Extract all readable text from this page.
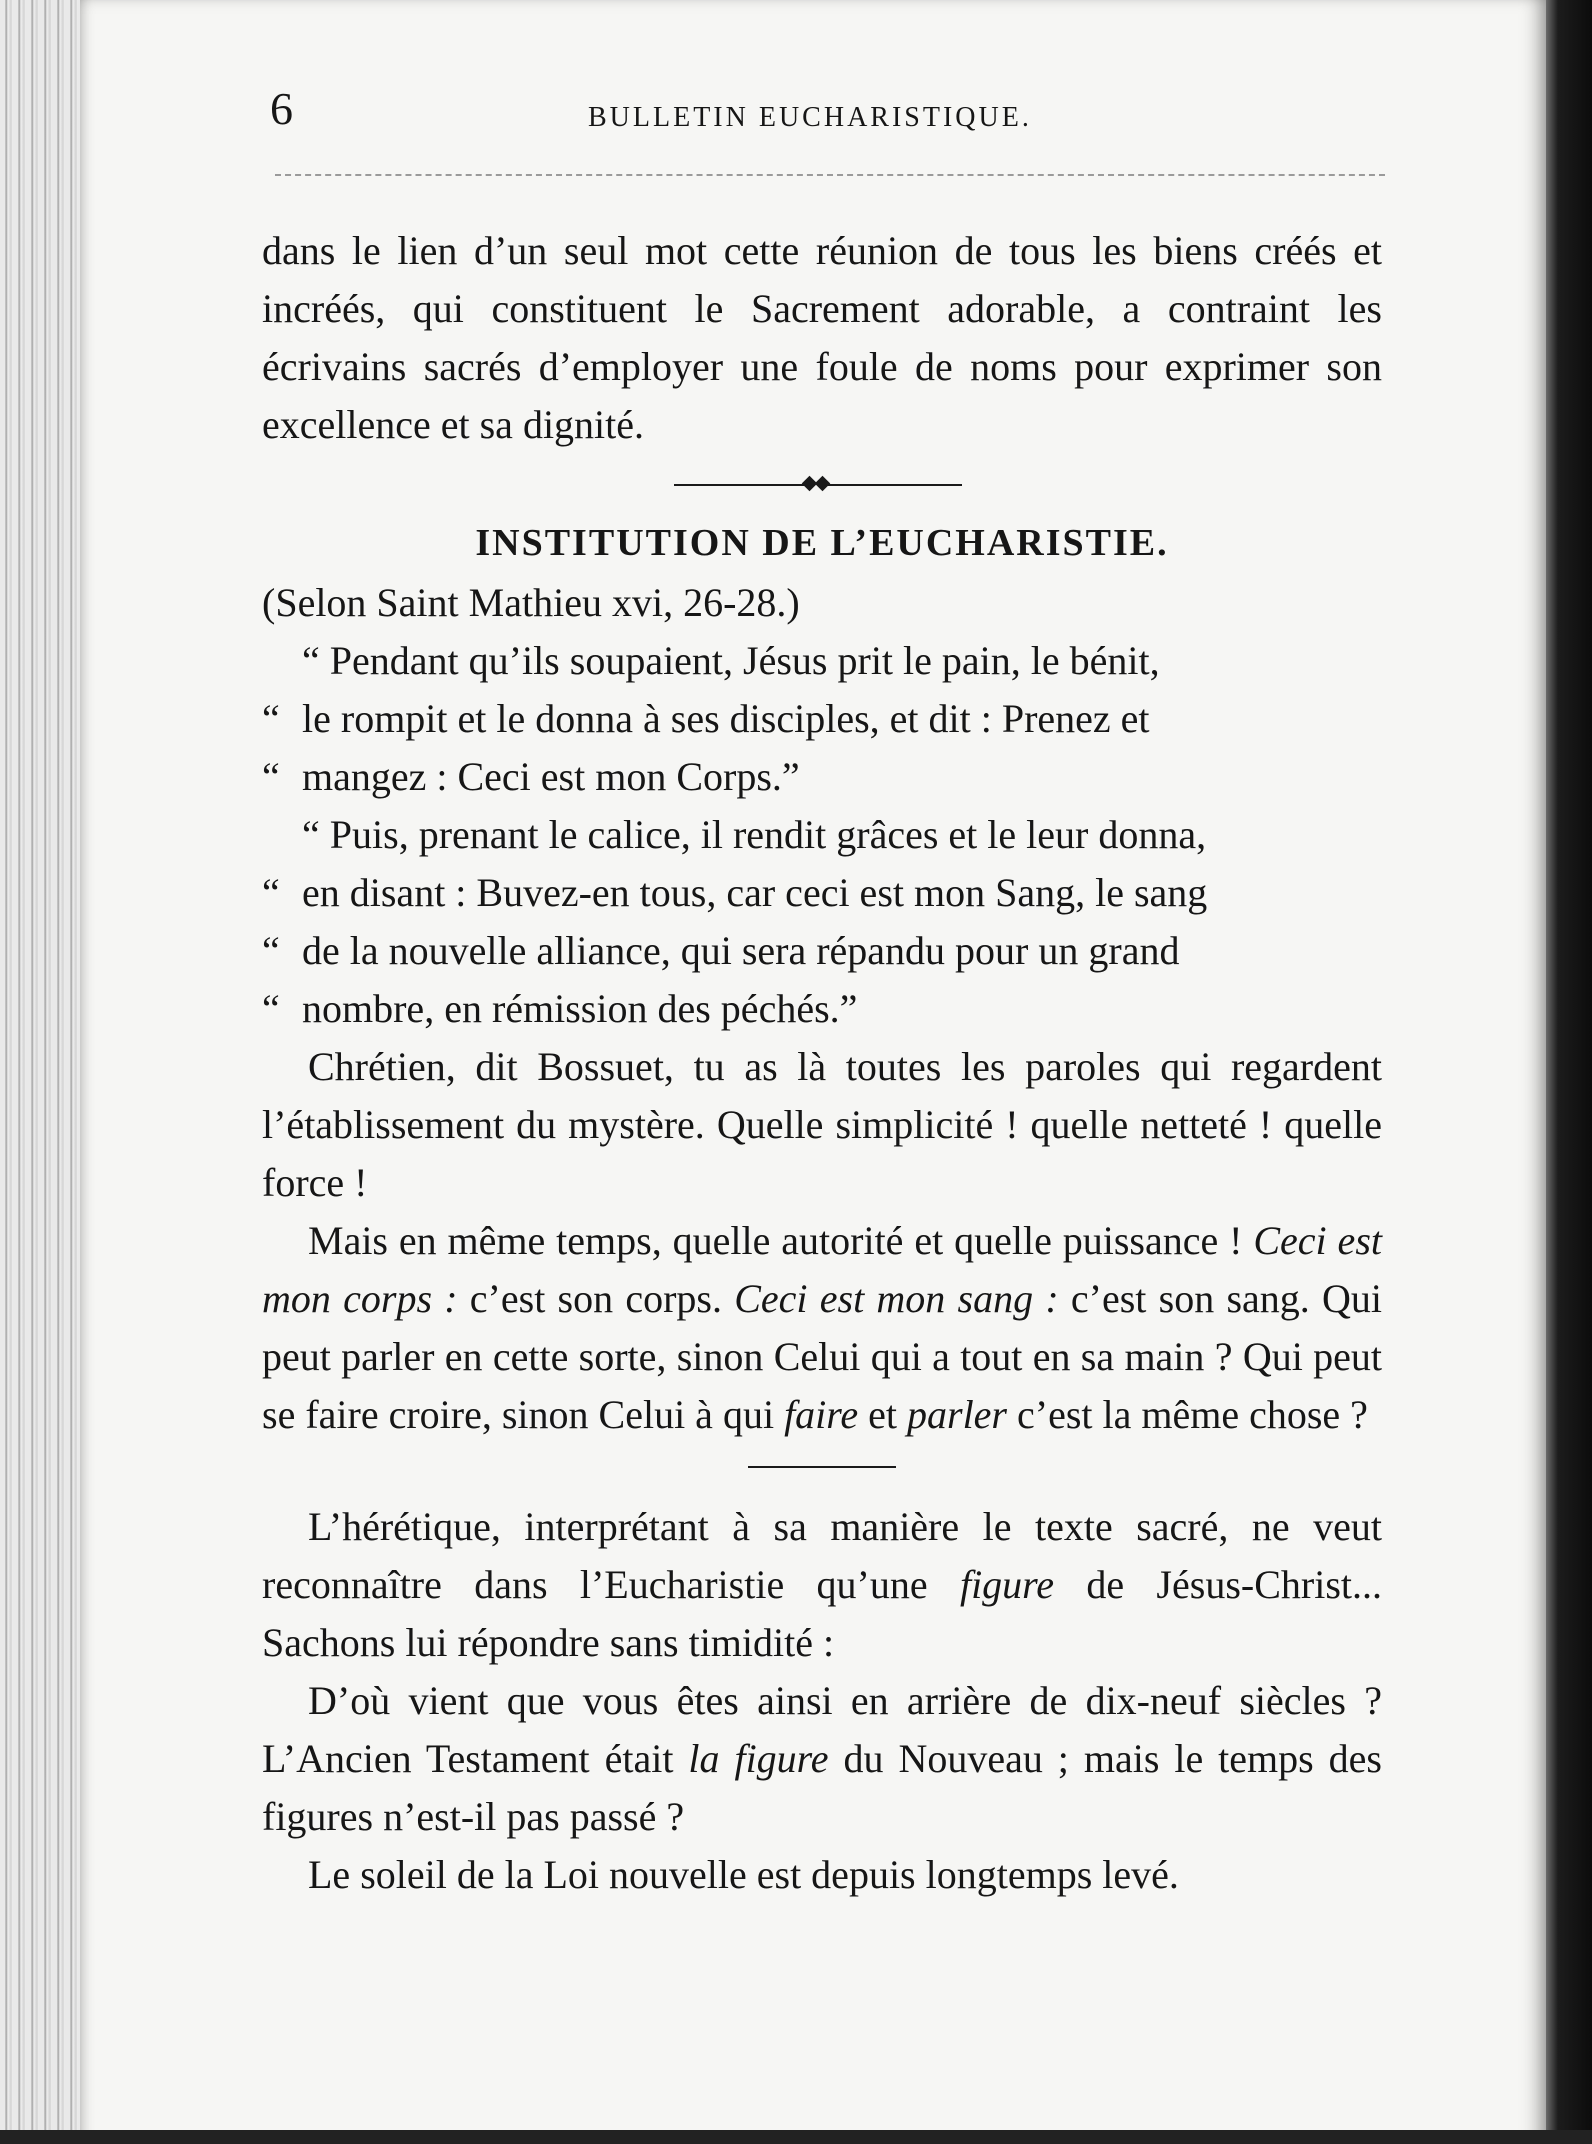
6	BULLETIN EUCHARISTIQUE.

dans le lien d’un seul mot cette réunion de tous les biens créés et incréés, qui constituent le Sacrement adorable, a contraint les écrivains sacrés d’employer une foule de noms pour exprimer son excellence et sa dignité.

INSTITUTION DE L’EUCHARISTIE.

(Selon Saint Mathieu xvi, 26-28.)

“ Pendant qu’ils soupaient, Jésus prit le pain, le bénit,

“ le rompit et le donna à ses disciples, et dit : Prenez et

“ mangez : Ceci est mon Corps.”

“ Puis, prenant le calice, il rendit grâces et le leur donna,

“ en disant : Buvez-en tous, car ceci est mon Sang, le sang

“ de la nouvelle alliance, qui sera répandu pour un grand

“ nombre, en rémission des péchés.”

Chrétien, dit Bossuet, tu as là toutes les paroles qui regardent l’établissement du mystère. Quelle simplicité ! quelle netteté ! quelle force !

Mais en même temps, quelle autorité et quelle puissance ! Ceci est mon corps : c’est son corps. Ceci est mon sang : c’est son sang. Qui peut parler en cette sorte, sinon Celui qui a tout en sa main ? Qui peut se faire croire, sinon Celui à qui faire et parler c’est la même chose ?

L’hérétique, interprétant à sa manière le texte sacré, ne veut reconnaître dans l’Eucharistie qu’une figure de Jésus-Christ... Sachons lui répondre sans timidité :

D’où vient que vous êtes ainsi en arrière de dix-neuf siècles ? L’Ancien Testament était la figure du Nouveau ; mais le temps des figures n’est-il pas passé ?

Le soleil de la Loi nouvelle est depuis longtemps levé.
